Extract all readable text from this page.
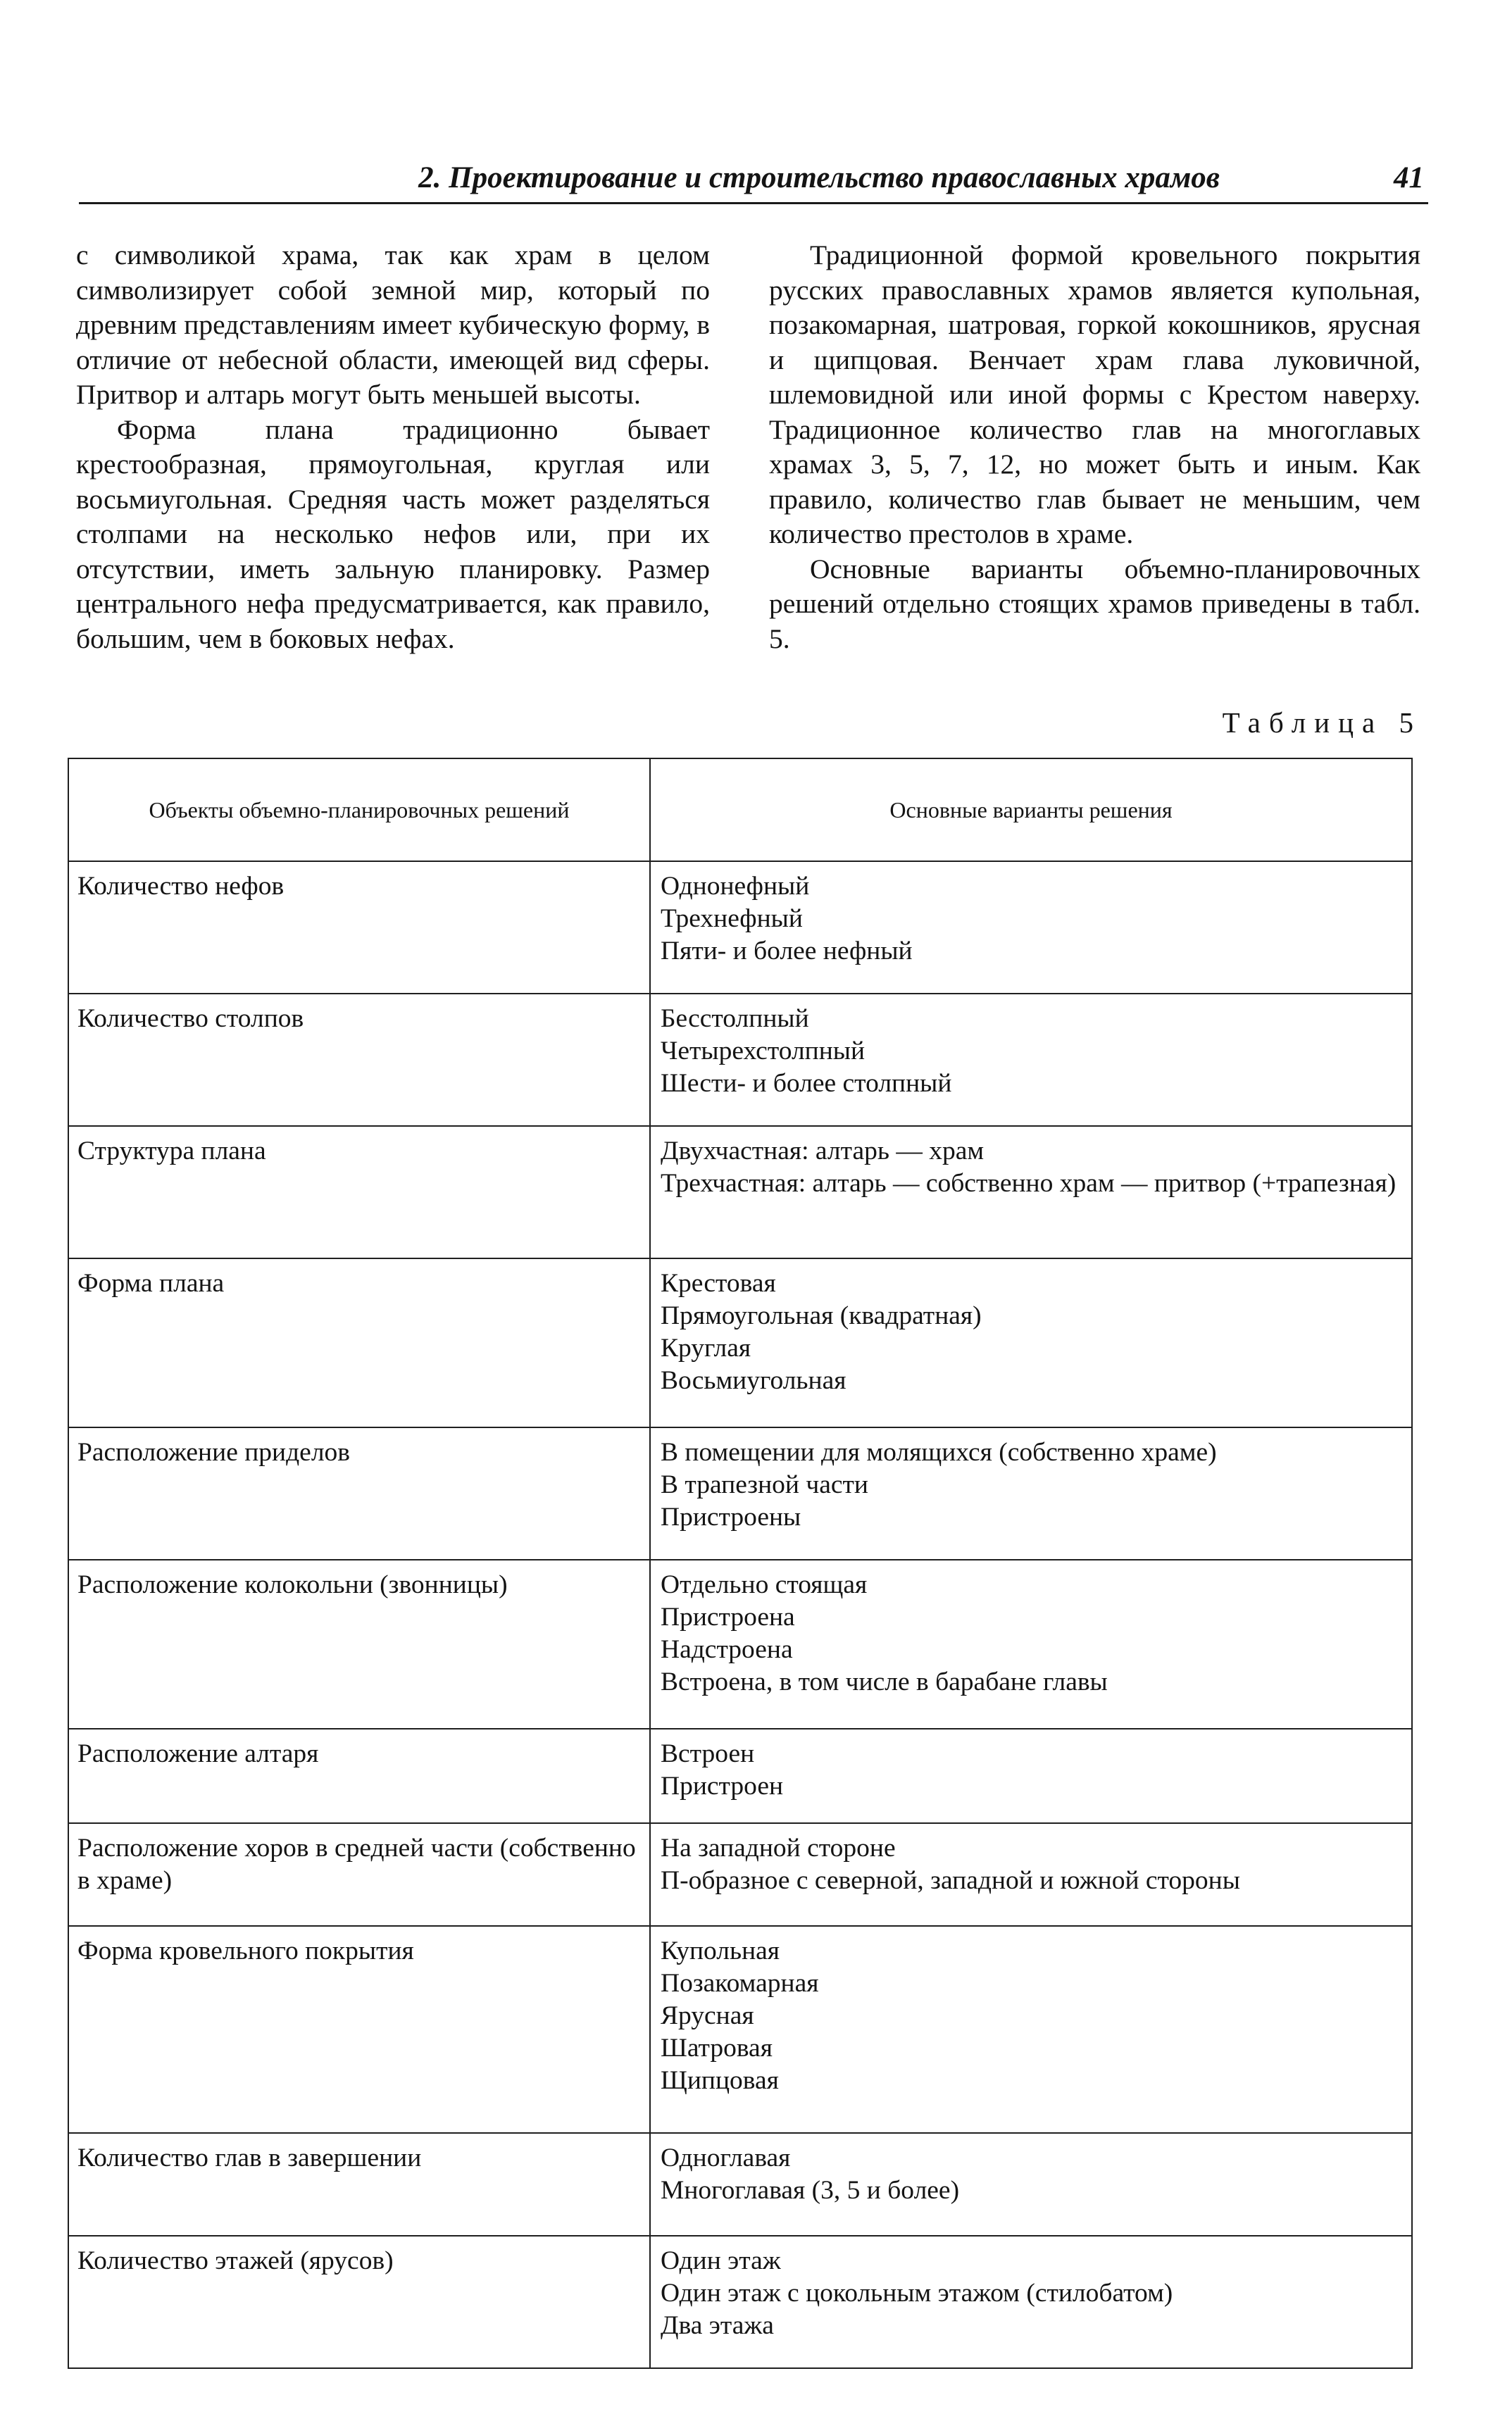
2. Проектирование и строительство православных храмов	41

с символикой храма, так как храм в целом символизирует собой земной мир, который по древним представлениям имеет кубическую форму, в отличие от небесной области, имеющей вид сферы. Притвор и алтарь могут быть меньшей высоты.

Форма плана традиционно бывает крестообразная, прямоугольная, круглая или восьмиугольная. Средняя часть может разделяться столпами на несколько нефов или, при их отсутствии, иметь зальную планировку. Размер центрального нефа предусматривается, как правило, большим, чем в боковых нефах.

Традиционной формой кровельного покрытия русских православных храмов является купольная, позакомарная, шатровая, горкой кокошников, ярусная и щипцовая. Венчает храм глава луковичной, шлемовидной или иной формы с Крестом наверху. Традиционное количество глав на многоглавых храмах 3, 5, 7, 12, но может быть и иным. Как правило, количество глав бывает не меньшим, чем количество престолов в храме.

Основные варианты объемно-планировочных решений отдельно стоящих храмов приведены в табл. 5.

Таблица 5
Объекты объемно-планировочных решений	Основные варианты решения

Количество нефов	Однонефный
Трехнефный
Пяти- и более нефный

Количество столпов	Бесстолпный
Четырехстолпный
Шести- и более столпный

Структура плана	Двухчастная: алтарь — храм
Трехчастная: алтарь — собственно храм — притвор (+трапезная)

Форма плана	Крестовая
Прямоугольная (квадратная)
Круглая
Восьмиугольная

Расположение приделов	В помещении для молящихся (собственно храме)
В трапезной части
Пристроены

Расположение колокольни (звонницы)	Отдельно стоящая
Пристроена
Надстроена
Встроена, в том числе в барабане главы

Расположение алтаря	Встроен
Пристроен

Расположение хоров в средней части (собственно в храме)	На западной стороне
П-образное с северной, западной и южной стороны

Форма кровельного покрытия	Купольная
Позакомарная
Ярусная
Шатровая
Щипцовая

Количество глав в завершении	Одноглавая
Многоглавая (3, 5 и более)

Количество этажей (ярусов)	Один этаж
Один этаж с цокольным этажом (стилобатом)
Два этажа
